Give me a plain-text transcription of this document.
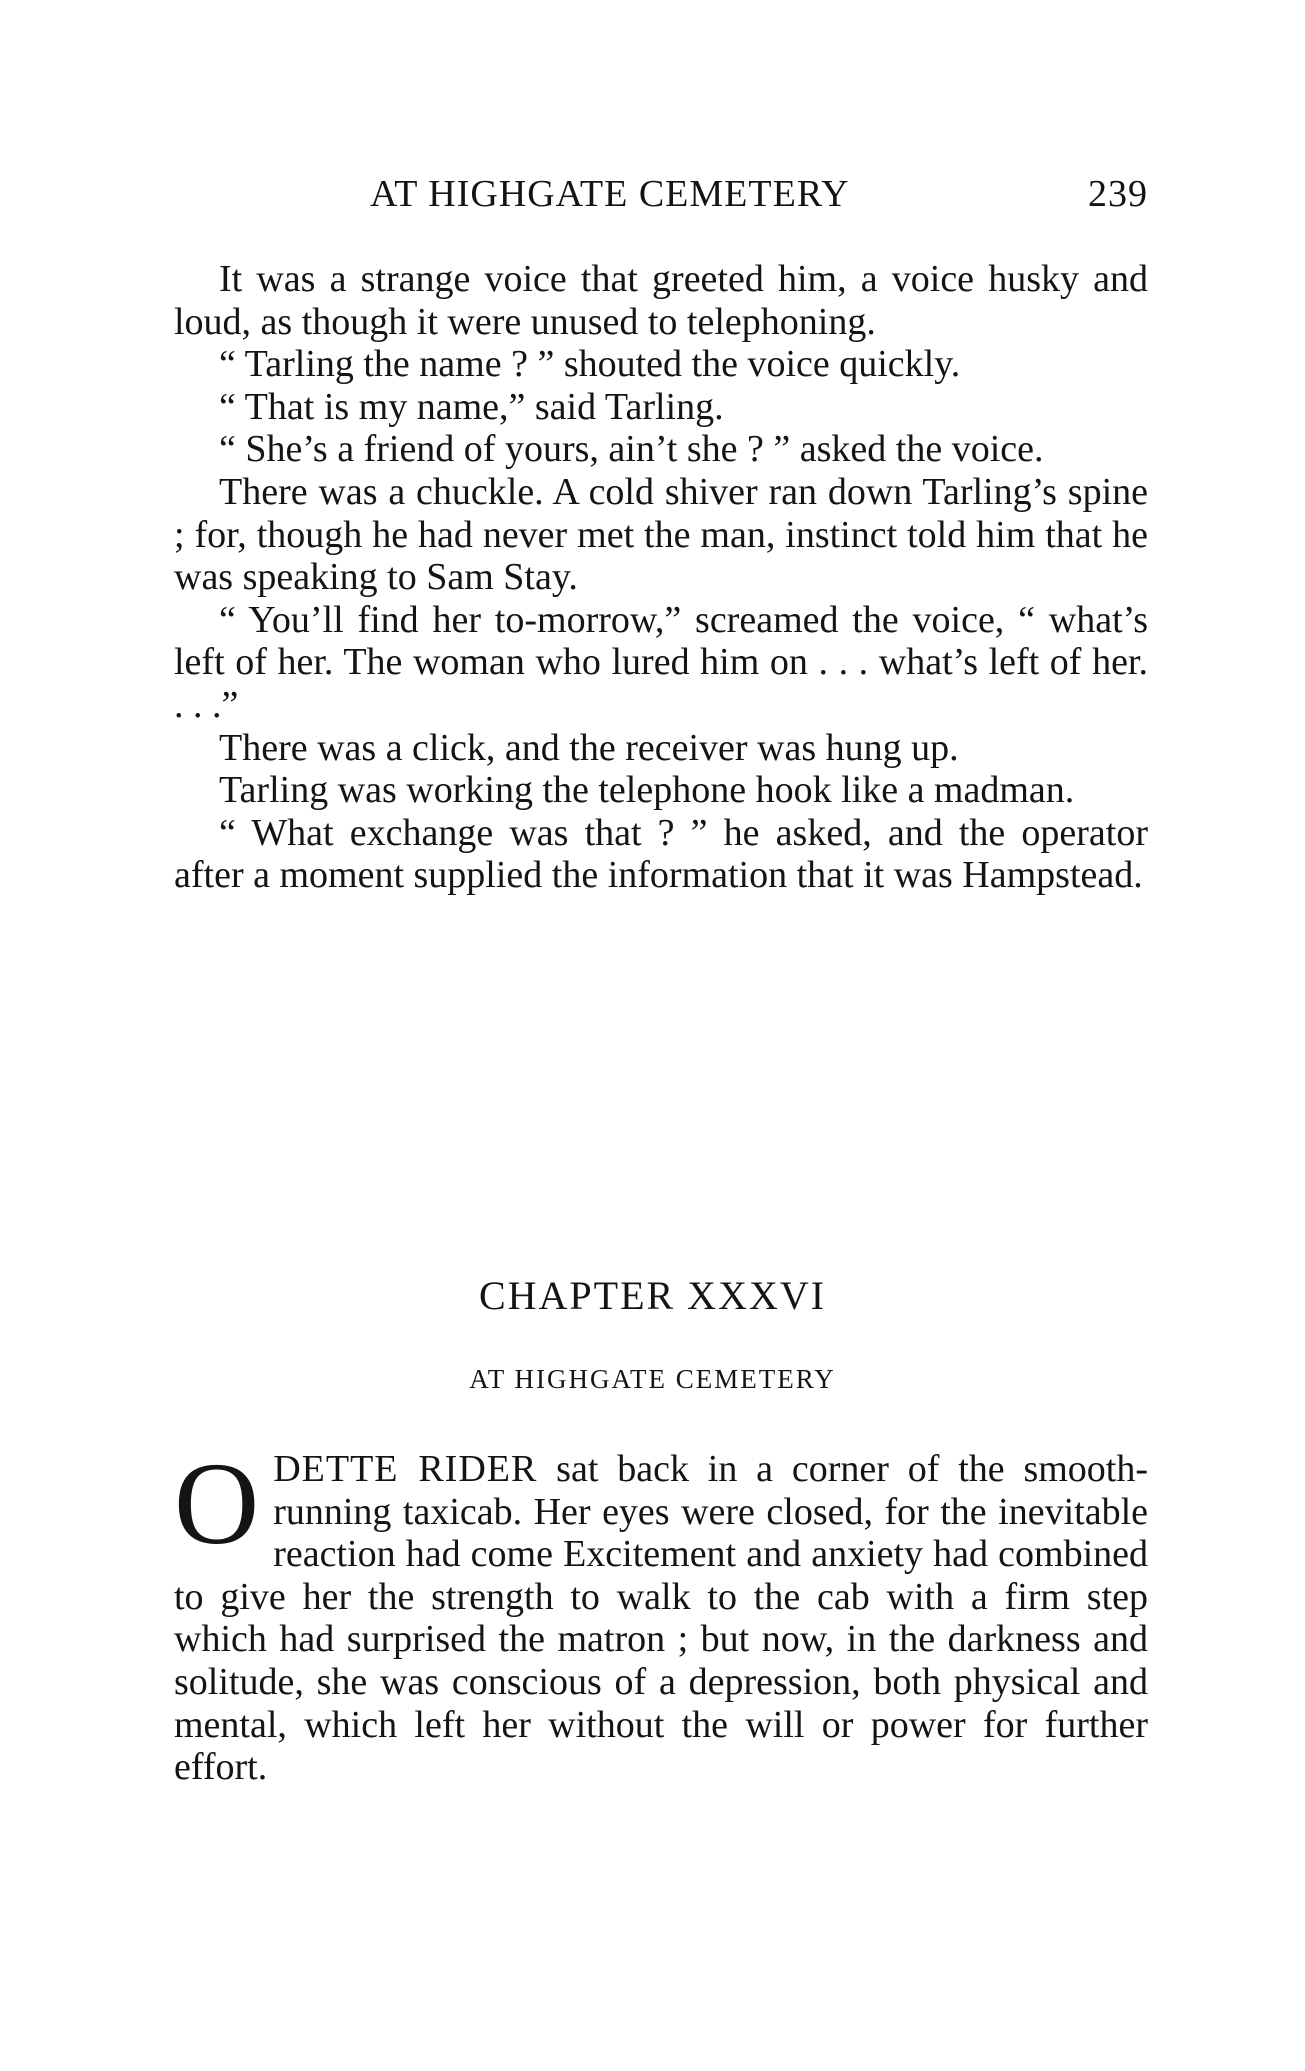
AT HIGHGATE CEMETERY	239

It was a strange voice that greeted him, a voice husky and loud, as though it were unused to telephoning.

“ Tarling the name ? ” shouted the voice quickly.

“ That is my name,” said Tarling.

“ She’s a friend of yours, ain’t she ? ” asked the voice.

There was a chuckle. A cold shiver ran down Tarling’s spine ; for, though he had never met the man, instinct told him that he was speaking to Sam Stay.

“ You’ll find her to-morrow,” screamed the voice, “ what’s left of her. The woman who lured him on . . . what’s left of her. . . .”

There was a click, and the receiver was hung up.

Tarling was working the telephone hook like a madman.

“ What exchange was that ? ” he asked, and the operator after a moment supplied the information that it was Hampstead.

CHAPTER XXXVI
AT HIGHGATE CEMETERY

ODETTE RIDER sat back in a corner of the smooth-running taxicab. Her eyes were closed, for the inevitable reaction had come Excitement and anxiety had combined to give her the strength to walk to the cab with a firm step which had surprised the matron ; but now, in the darkness and solitude, she was conscious of a depression, both physical and mental, which left her without the will or power for further effort.
